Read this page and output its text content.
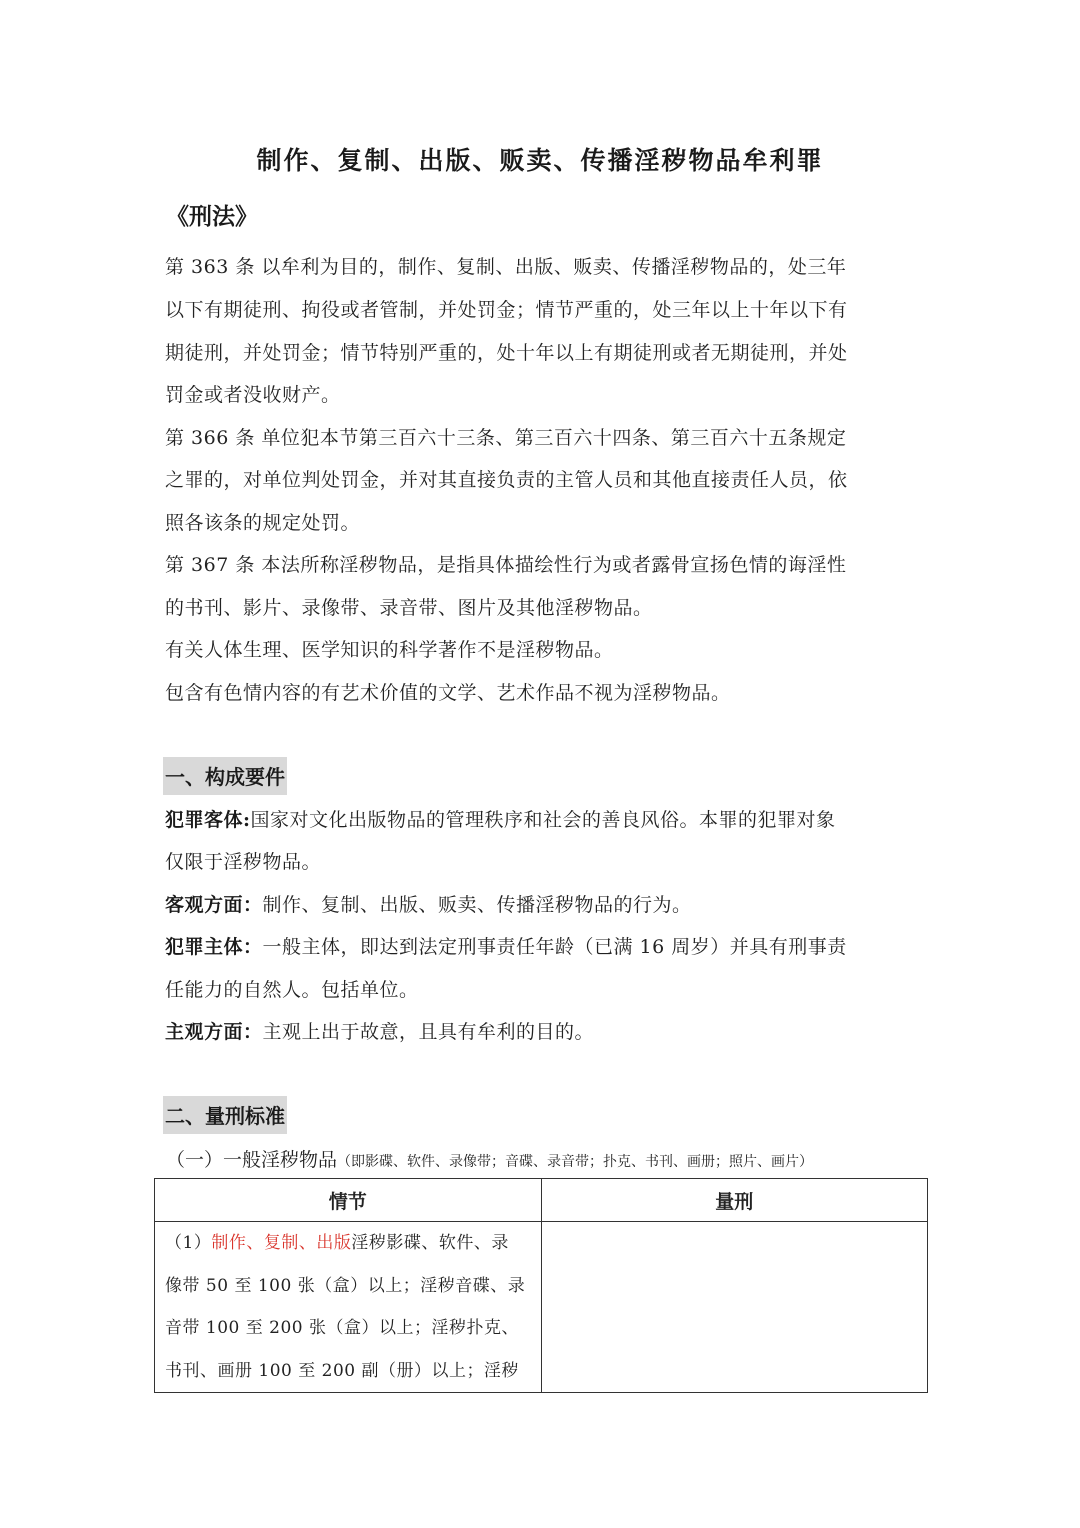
制作、复制、出版、贩卖、传播淫秽物品牟利罪
《刑法》
第 363 条 以牟利为目的，制作、复制、出版、贩卖、传播淫秽物品的，处三年
以下有期徒刑、拘役或者管制，并处罚金；情节严重的，处三年以上十年以下有
期徒刑，并处罚金；情节特别严重的，处十年以上有期徒刑或者无期徒刑，并处
罚金或者没收财产。
第 366 条 单位犯本节第三百六十三条、第三百六十四条、第三百六十五条规定
之罪的，对单位判处罚金，并对其直接负责的主管人员和其他直接责任人员，依
照各该条的规定处罚。
第 367 条 本法所称淫秽物品，是指具体描绘性行为或者露骨宣扬色情的诲淫性
的书刊、影片、录像带、录音带、图片及其他淫秽物品。
有关人体生理、医学知识的科学著作不是淫秽物品。
包含有色情内容的有艺术价值的文学、艺术作品不视为淫秽物品。
一、构成要件
犯罪客体:国家对文化出版物品的管理秩序和社会的善良风俗。本罪的犯罪对象
仅限于淫秽物品。
客观方面：制作、复制、出版、贩卖、传播淫秽物品的行为。
犯罪主体：一般主体，即达到法定刑事责任年龄（已满 16 周岁）并具有刑事责
任能力的自然人。包括单位。
主观方面：主观上出于故意，且具有牟利的目的。
二、量刑标准
（一）一般淫秽物品（即影碟、软件、录像带；音碟、录音带；扑克、书刊、画册；照片、画片）
情节	量刑

（1）制作、复制、出版淫秽影碟、软件、录
像带 50 至 100 张（盒）以上；淫秽音碟、录
音带 100 至 200 张（盒）以上；淫秽扑克、
书刊、画册 100 至 200 副（册）以上；淫秽	
